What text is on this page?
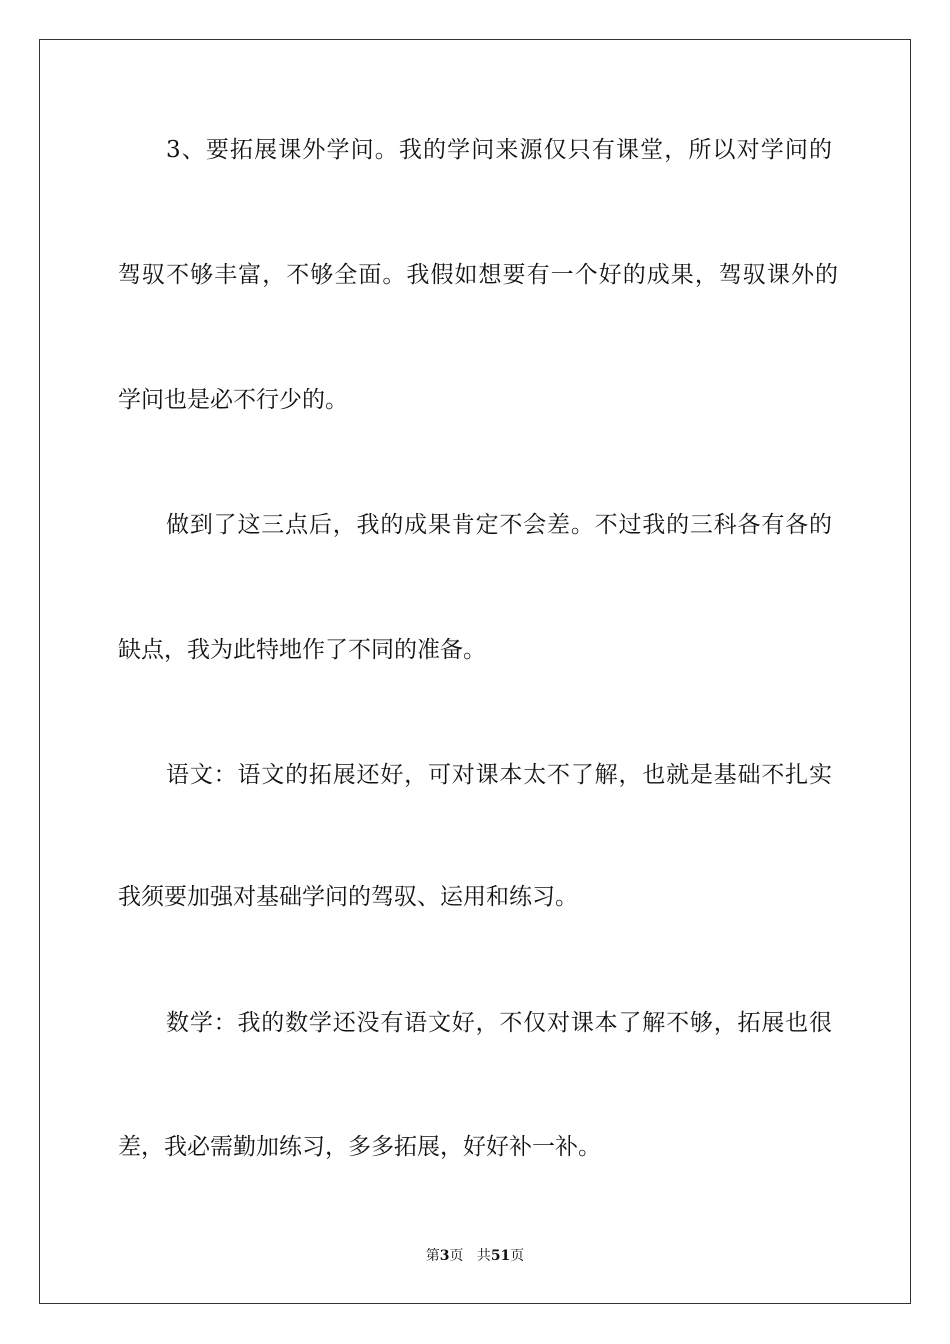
3、要拓展课外学问。我的学问来源仅只有课堂，所以对学问的
驾驭不够丰富，不够全面。我假如想要有一个好的成果，驾驭课外的
学问也是必不行少的。
做到了这三点后，我的成果肯定不会差。不过我的三科各有各的
缺点，我为此特地作了不同的准备。
语文：语文的拓展还好，可对课本太不了解，也就是基础不扎实
我须要加强对基础学问的驾驭、运用和练习。
数学：我的数学还没有语文好，不仅对课本了解不够，拓展也很
差，我必需勤加练习，多多拓展，好好补一补。
第3页 共51页
